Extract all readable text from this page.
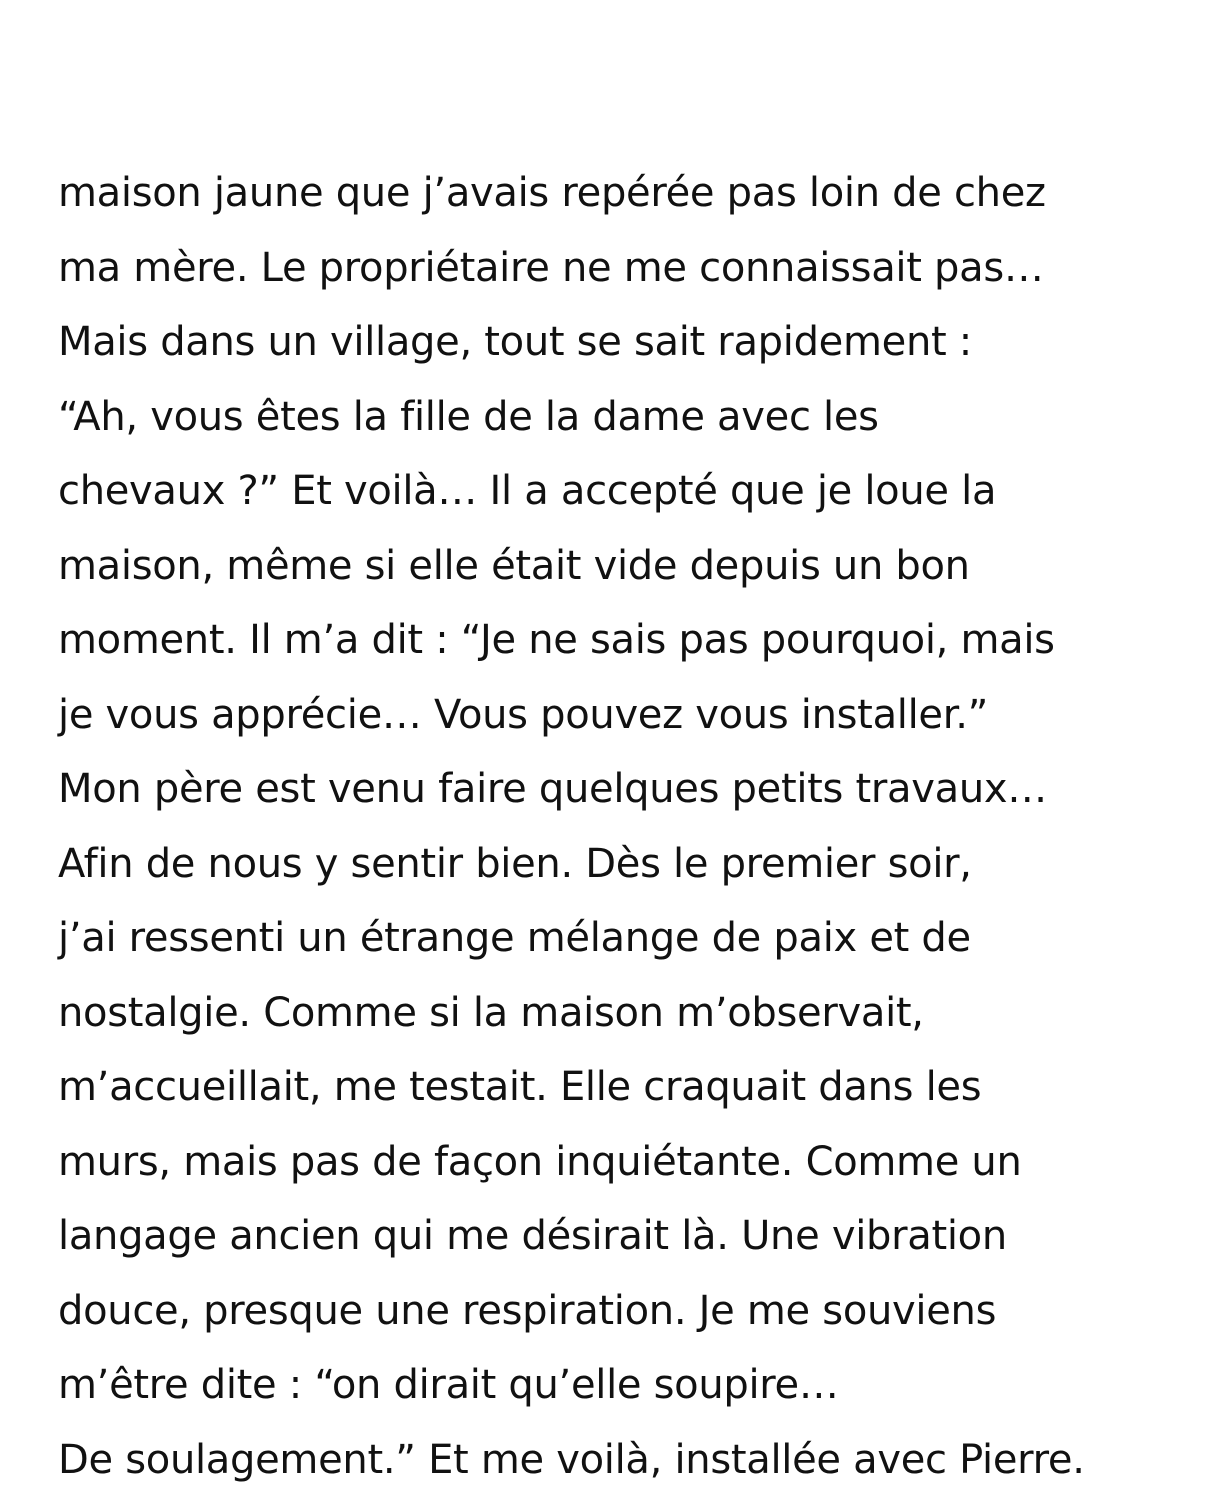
maison jaune que j’avais repérée pas loin de chez
ma mère. Le propriétaire ne me connaissait pas…
Mais dans un village, tout se sait rapidement :
“Ah, vous êtes la fille de la dame avec les
chevaux ?” Et voilà… Il a accepté que je loue la
maison, même si elle était vide depuis un bon
moment. Il m’a dit : “Je ne sais pas pourquoi, mais
je vous apprécie… Vous pouvez vous installer.”
Mon père est venu faire quelques petits travaux…
Afin de nous y sentir bien. Dès le premier soir,
j’ai ressenti un étrange mélange de paix et de
nostalgie. Comme si la maison m’observait,
m’accueillait, me testait. Elle craquait dans les
murs, mais pas de façon inquiétante. Comme un
langage ancien qui me désirait là. Une vibration
douce, presque une respiration. Je me souviens
m’être dite : “on dirait qu’elle soupire…
De soulagement.” Et me voilà, installée avec Pierre.
